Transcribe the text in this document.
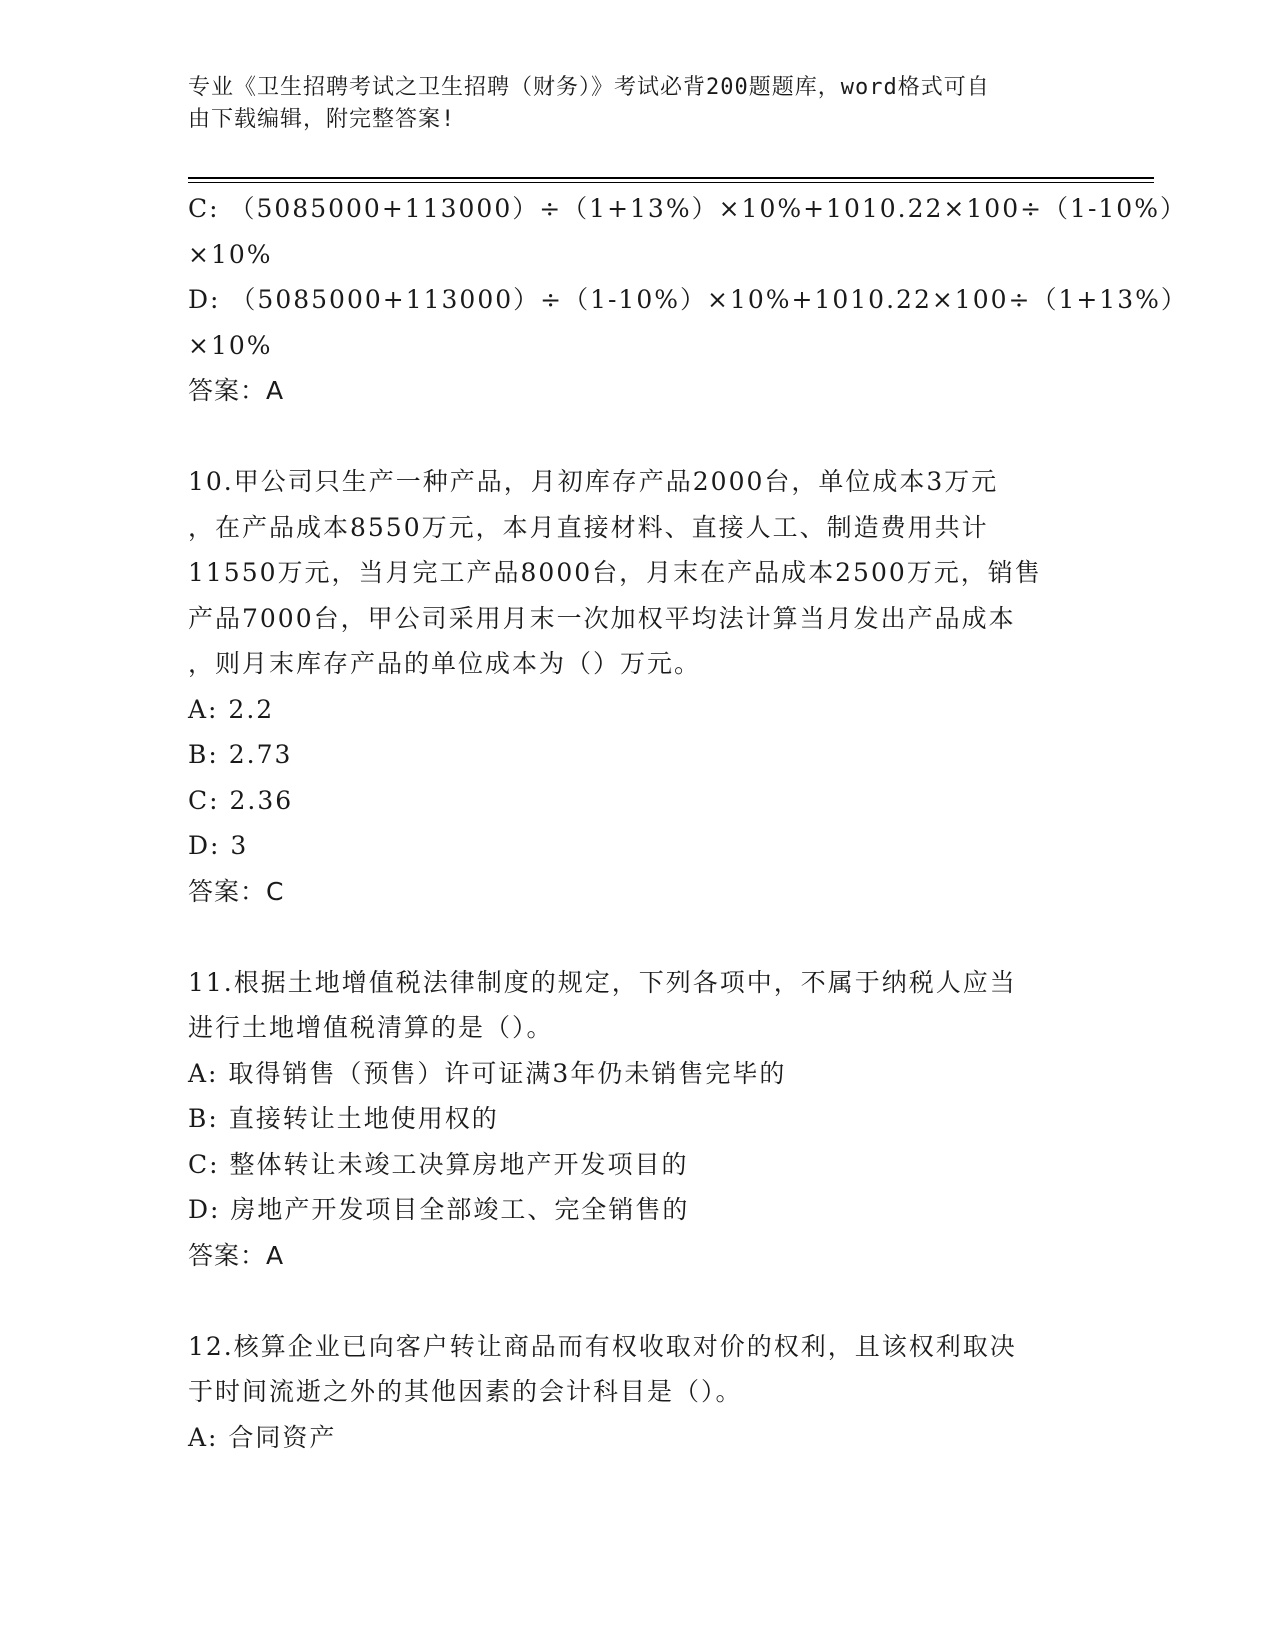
专业《卫生招聘考试之卫生招聘（财务）》考试必背200题题库，word格式可自
由下载编辑，附完整答案!
C: （5085000+113000）÷（1+13%）×10%+1010.22×100÷（1-10%）
×10%
D: （5085000+113000）÷（1-10%）×10%+1010.22×100÷（1+13%）
×10%
答案：A
10.甲公司只生产一种产品，月初库存产品2000台，单位成本3万元
，在产品成本8550万元，本月直接材料、直接人工、制造费用共计
11550万元，当月完工产品8000台，月末在产品成本2500万元，销售
产品7000台，甲公司采用月末一次加权平均法计算当月发出产品成本
，则月末库存产品的单位成本为（）万元。
A: 2.2
B: 2.73
C: 2.36
D: 3
答案：C
11.根据土地增值税法律制度的规定，下列各项中，不属于纳税人应当
进行土地增值税清算的是（）。
A: 取得销售（预售）许可证满3年仍未销售完毕的
B: 直接转让土地使用权的
C: 整体转让未竣工决算房地产开发项目的
D: 房地产开发项目全部竣工、完全销售的
答案：A
12.核算企业已向客户转让商品而有权收取对价的权利，且该权利取决
于时间流逝之外的其他因素的会计科目是（）。
A: 合同资产
